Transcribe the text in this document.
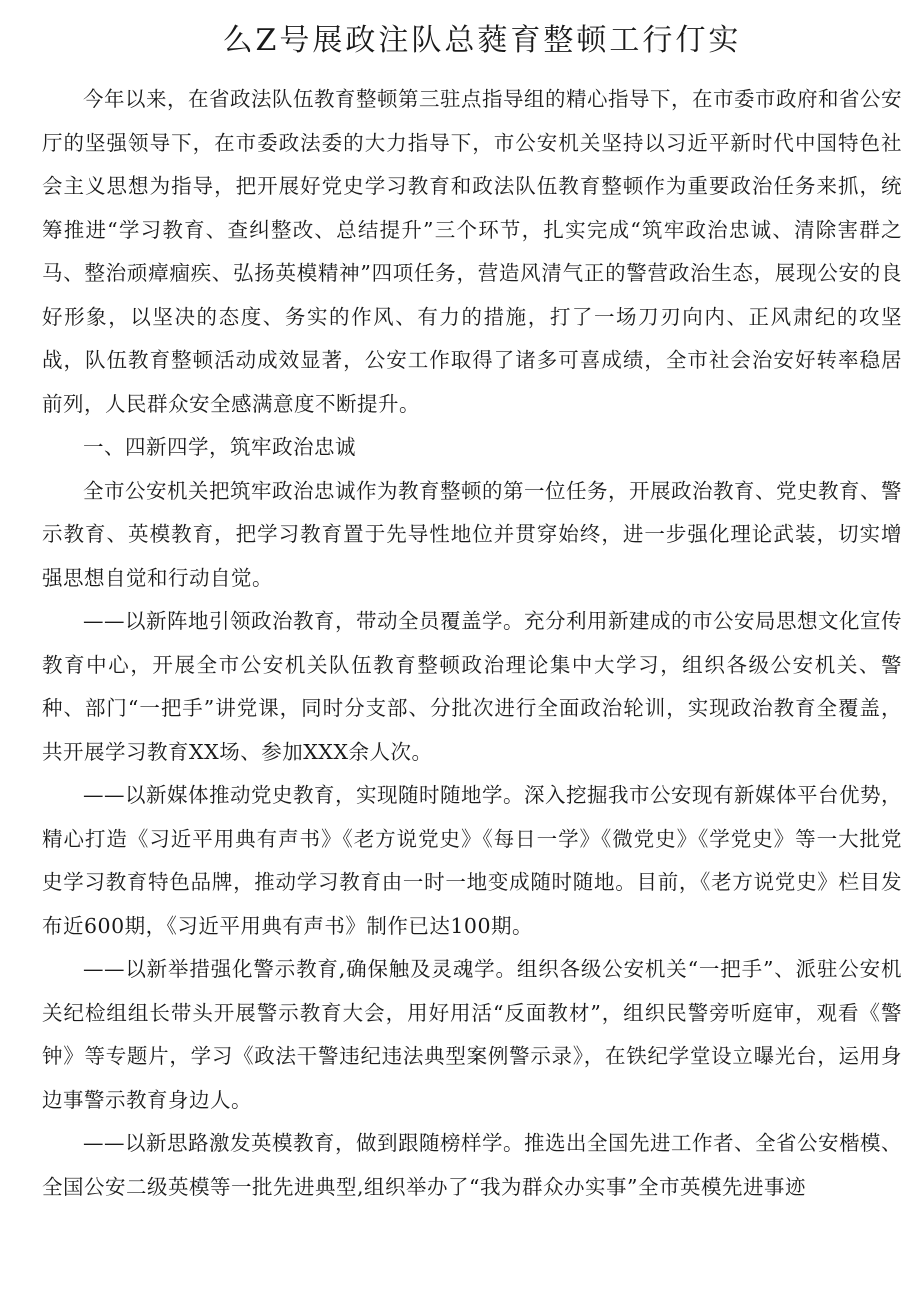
么Z号展政注队总蕤育整顿工行仃实

今年以来，在省政法队伍教育整顿第三驻点指导组的精心指导下，在市委市政府和省公安厅的坚强领导下，在市委政法委的大力指导下，市公安机关坚持以习近平新时代中国特色社会主义思想为指导，把开展好党史学习教育和政法队伍教育整顿作为重要政治任务来抓，统筹推进“学习教育、查纠整改、总结提升”三个环节，扎实完成“筑牢政治忠诚、清除害群之马、整治顽瘴痼疾、弘扬英模精神”四项任务，营造风清气正的警营政治生态，展现公安的良好形象，以坚决的态度、务实的作风、有力的措施，打了一场刀刃向内、正风肃纪的攻坚战，队伍教育整顿活动成效显著，公安工作取得了诸多可喜成绩，全市社会治安好转率稳居前列，人民群众安全感满意度不断提升。

一、四新四学，筑牢政治忠诚

全市公安机关把筑牢政治忠诚作为教育整顿的第一位任务，开展政治教育、党史教育、警示教育、英模教育，把学习教育置于先导性地位并贯穿始终，进一步强化理论武装，切实增强思想自觉和行动自觉。

——以新阵地引领政治教育，带动全员覆盖学。充分利用新建成的市公安局思想文化宣传教育中心，开展全市公安机关队伍教育整顿政治理论集中大学习，组织各级公安机关、警种、部门“一把手”讲党课，同时分支部、分批次进行全面政治轮训，实现政治教育全覆盖，共开展学习教育XX场、参加XXX余人次。

——以新媒体推动党史教育，实现随时随地学。深入挖掘我市公安现有新媒体平台优势，精心打造《习近平用典有声书》《老方说党史》《每日一学》《微党史》《学党史》等一大批党史学习教育特色品牌，推动学习教育由一时一地变成随时随地。目前，《老方说党史》栏目发布近600期，《习近平用典有声书》制作已达100期。

——以新举措强化警示教育,确保触及灵魂学。组织各级公安机关“一把手”、派驻公安机关纪检组组长带头开展警示教育大会，用好用活“反面教材”，组织民警旁听庭审，观看《警钟》等专题片，学习《政法干警违纪违法典型案例警示录》，在铁纪学堂设立曝光台，运用身边事警示教育身边人。

——以新思路激发英模教育，做到跟随榜样学。推选出全国先进工作者、全省公安楷模、全国公安二级英模等一批先进典型,组织举办了“我为群众办实事”全市英模先进事迹
